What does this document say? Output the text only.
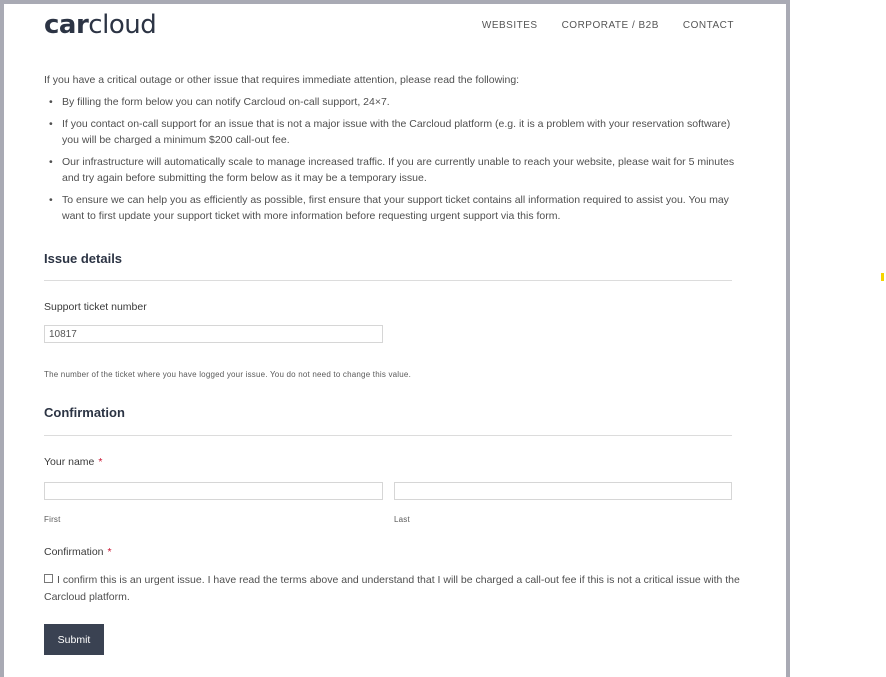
carcloud	WEBSITES CORPORATE / B2B CONTACT

If you have a critical outage or other issue that requires immediate attention, please read the following:

• By filling the form below you can notify Carcloud on-call support, 24×7.
• If you contact on-call support for an issue that is not a major issue with the Carcloud platform (e.g. it is a problem with your reservation software) you will be charged a minimum $200 call-out fee.
• Our infrastructure will automatically scale to manage increased traffic. If you are currently unable to reach your website, please wait for 5 minutes and try again before submitting the form below as it may be a temporary issue.
• To ensure we can help you as efficiently as possible, first ensure that your support ticket contains all information required to assist you. You may want to first update your support ticket with more information before requesting urgent support via this form.
Issue details
Support ticket number
10817
The number of the ticket where you have logged your issue. You do not need to change this value.
Confirmation
Your name *
First	Last
Confirmation *
I confirm this is an urgent issue. I have read the terms above and understand that I will be charged a call-out fee if this is not a critical issue with the Carcloud platform.
Submit
